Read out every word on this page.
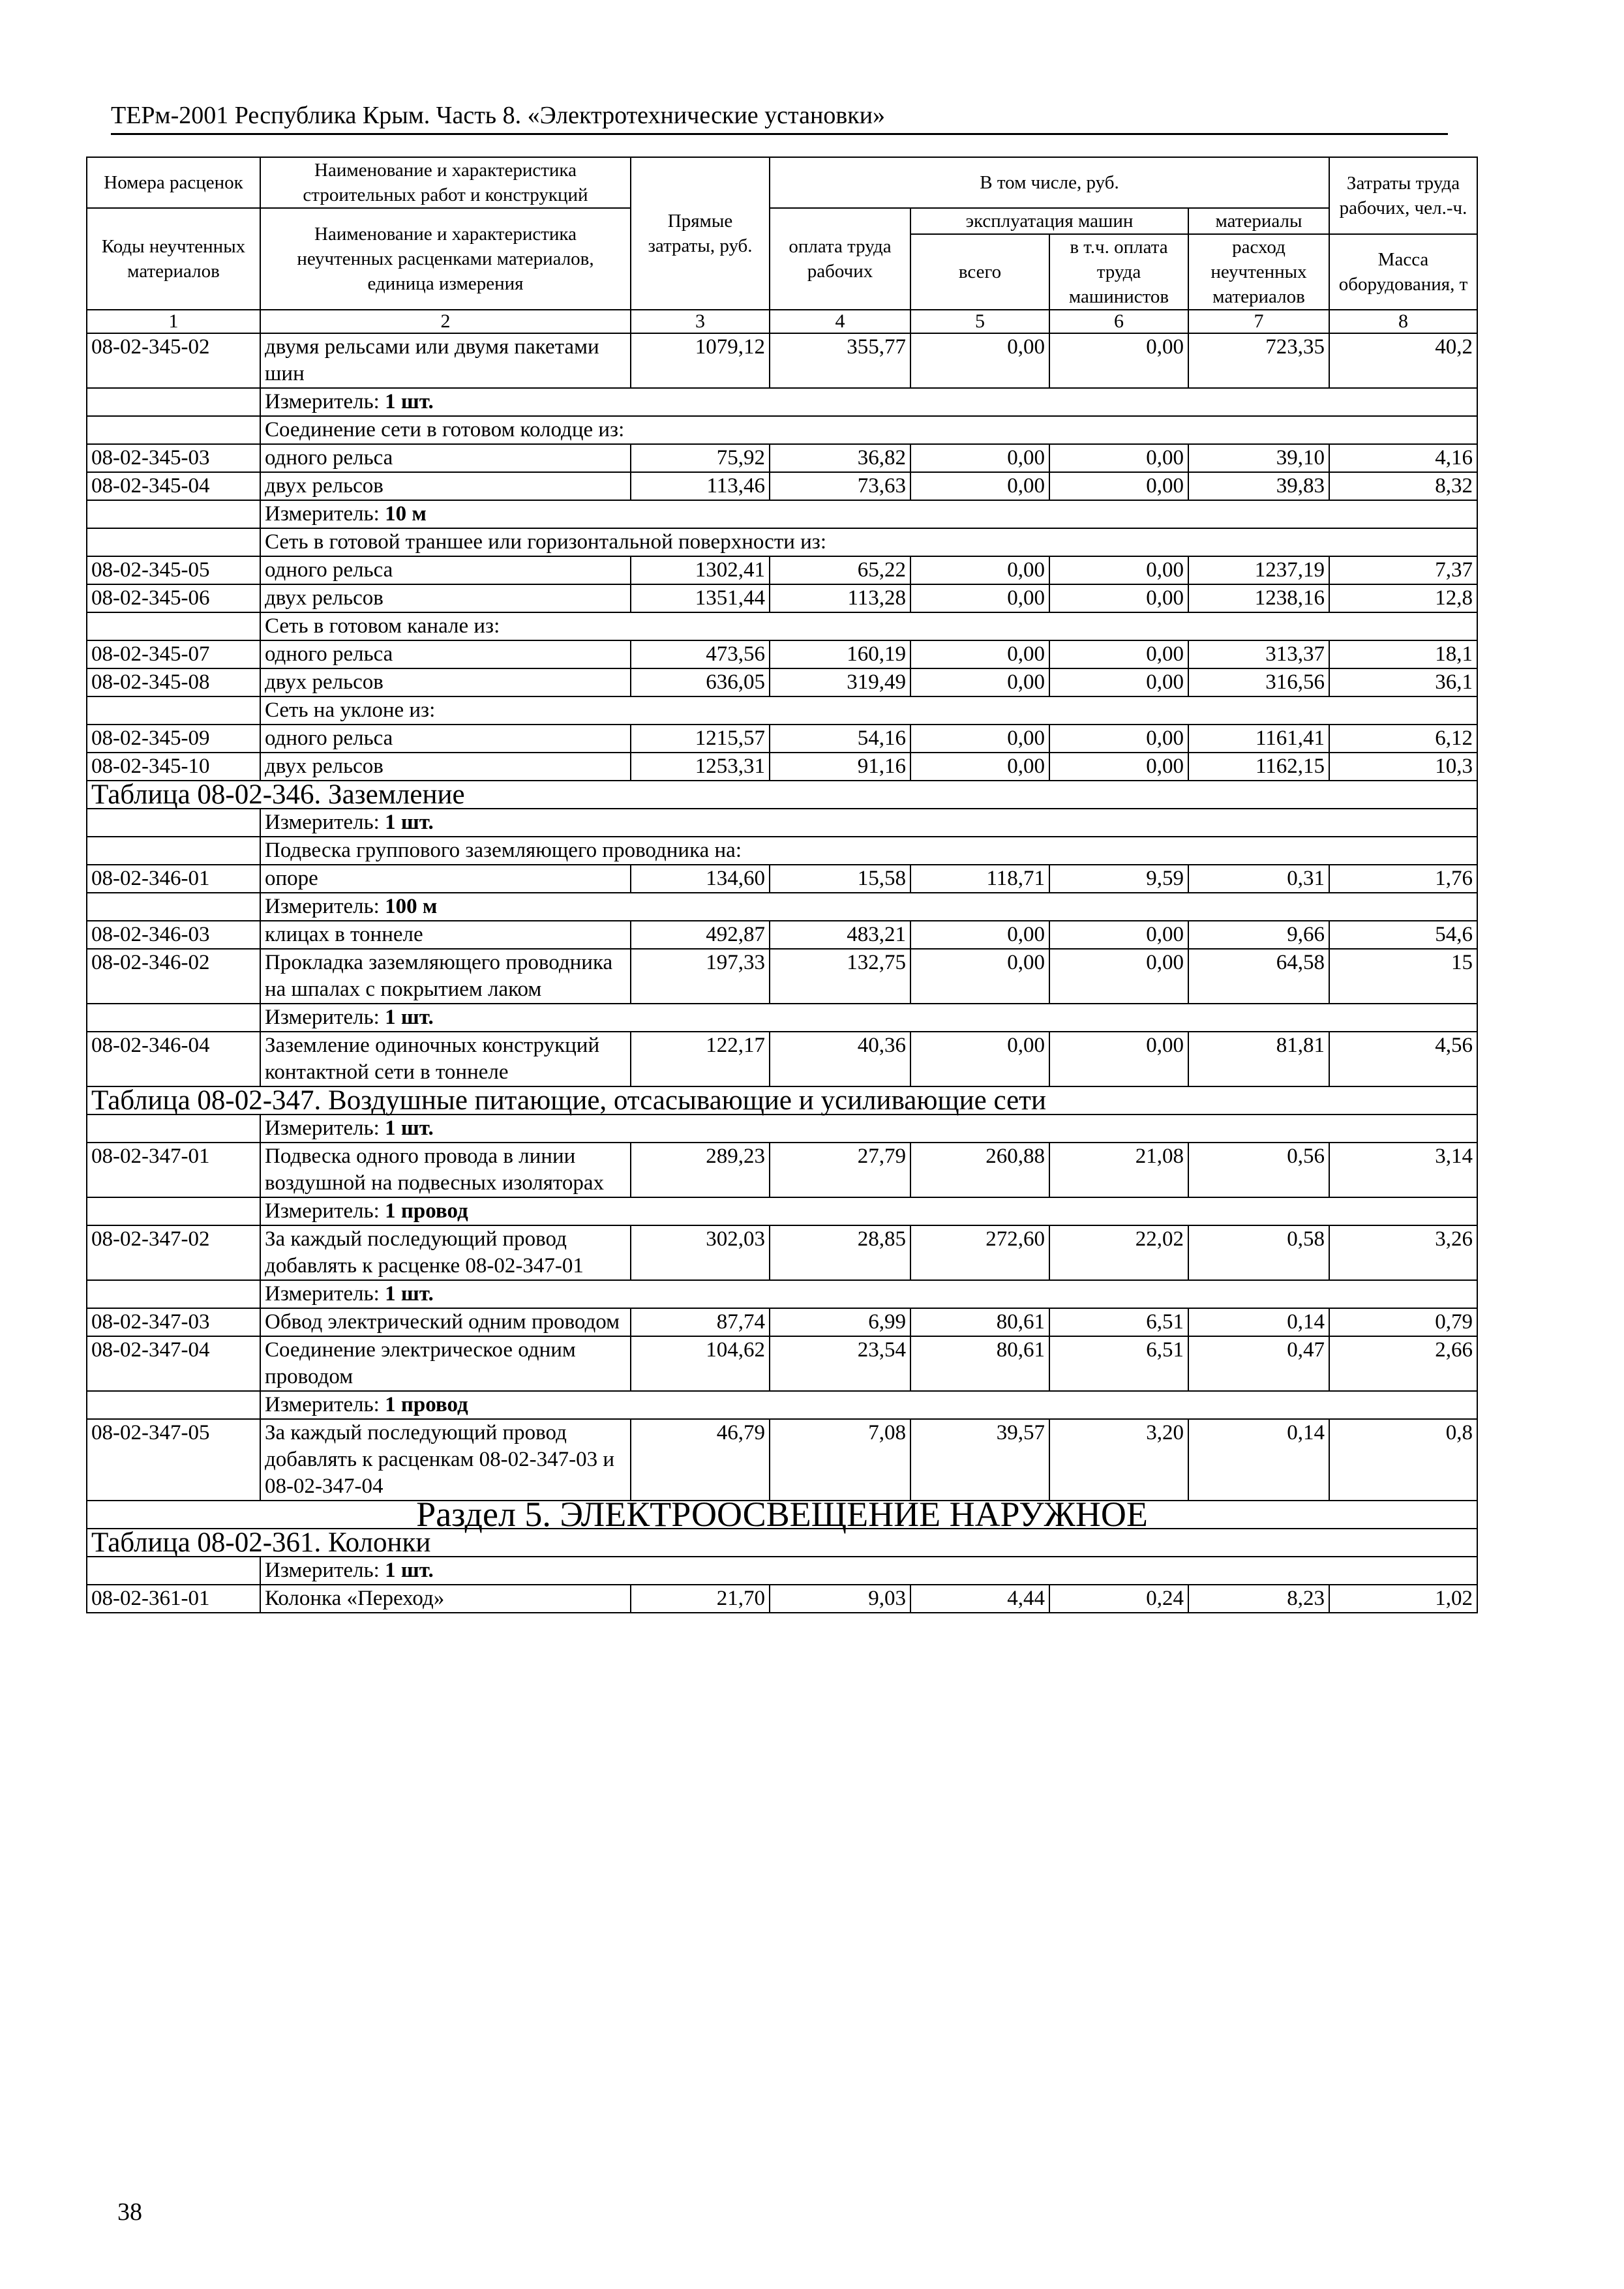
ТЕРм-2001 Республика Крым. Часть 8. «Электротехнические установки»
Номера расценок	Наименование и характеристика строительных работ и конструкций	Прямые затраты, руб.	В том числе, руб.				Затраты труда рабочих, чел.-ч.
Коды неучтенных материалов	Наименование и характеристика неучтенных расценками материалов, единица измерения		оплата труда рабочих	эксплуатация машин		материалы	
				всего	в т.ч. оплата труда машинистов	расход неучтенных материалов	Масса оборудования, т

1	2	3	4	5	6	7	8
08-02-345-02	двумя рельсами или двумя пакетами шин	1079,12	355,77	0,00	0,00	723,35	40,2
	Измеритель: 1 шт.						
	Соединение сети в готовом колодце из:						
08-02-345-03	одного рельса	75,92	36,82	0,00	0,00	39,10	4,16
08-02-345-04	двух рельсов	113,46	73,63	0,00	0,00	39,83	8,32
	Измеритель: 10 м						
	Сеть в готовой траншее или горизонтальной поверхности из:						
08-02-345-05	одного рельса	1302,41	65,22	0,00	0,00	1237,19	7,37
08-02-345-06	двух рельсов	1351,44	113,28	0,00	0,00	1238,16	12,8
	Сеть в готовом канале из:						
08-02-345-07	одного рельса	473,56	160,19	0,00	0,00	313,37	18,1
08-02-345-08	двух рельсов	636,05	319,49	0,00	0,00	316,56	36,1
	Сеть на уклоне из:						
08-02-345-09	одного рельса	1215,57	54,16	0,00	0,00	1161,41	6,12
08-02-345-10	двух рельсов	1253,31	91,16	0,00	0,00	1162,15	10,3
Таблица 08-02-346. Заземление							
	Измеритель: 1 шт.						
	Подвеска группового заземляющего проводника на:						
08-02-346-01	опоре	134,60	15,58	118,71	9,59	0,31	1,76
	Измеритель: 100 м						
08-02-346-03	клицах в тоннеле	492,87	483,21	0,00	0,00	9,66	54,6
08-02-346-02	Прокладка заземляющего проводника на шпалах с покрытием лаком	197,33	132,75	0,00	0,00	64,58	15
	Измеритель: 1 шт.						
08-02-346-04	Заземление одиночных конструкций контактной сети в тоннеле	122,17	40,36	0,00	0,00	81,81	4,56
Таблица 08-02-347. Воздушные питающие, отсасывающие и усиливающие сети							
	Измеритель: 1 шт.						
08-02-347-01	Подвеска одного провода в линии воздушной на подвесных изоляторах	289,23	27,79	260,88	21,08	0,56	3,14
	Измеритель: 1 провод						
08-02-347-02	За каждый последующий провод добавлять к расценке 08-02-347-01	302,03	28,85	272,60	22,02	0,58	3,26
	Измеритель: 1 шт.						
08-02-347-03	Обвод электрический одним проводом	87,74	6,99	80,61	6,51	0,14	0,79
08-02-347-04	Соединение электрическое одним проводом	104,62	23,54	80,61	6,51	0,47	2,66
	Измеритель: 1 провод						
08-02-347-05	За каждый последующий провод добавлять к расценкам 08-02-347-03 и 08-02-347-04	46,79	7,08	39,57	3,20	0,14	0,8
Раздел 5. ЭЛЕКТРООСВЕЩЕНИЕ НАРУЖНОЕ							
Таблица 08-02-361. Колонки							
	Измеритель: 1 шт.						
08-02-361-01	Колонка «Переход»	21,70	9,03	4,44	0,24	8,23	1,02
38
